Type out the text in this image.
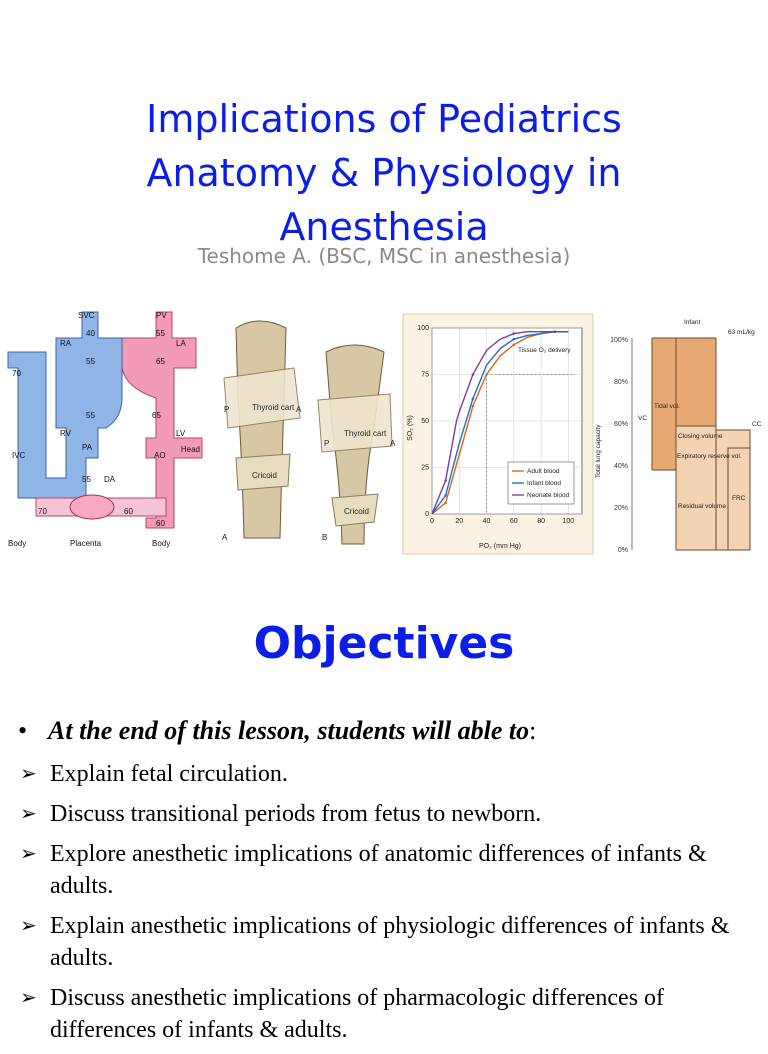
Implications of Pediatrics Anatomy & Physiology in Anesthesia
Teshome A. (BSC, MSC in anesthesia)
SVC	PV
RA	LA
70
40
55
55
65
55	65
RV	LV
IVC
PA
AO
Head
55 DA
70	60
60
Body	Placenta	Body
P	Thyroid cart A
Cricoid
A
P
Thyroid cart
A
Cricoid
B
0
25
50
75
100
0	20	40	60	80	100
PO₂ (mm Hg)
SO₂ (%)
Tissue O₂ delivery
Adult blood
Infant blood
Neonate blood
100%
80%
60%
40%
20%
0%
Infant
63 mL/kg
Total lung capacity
VC
Tidal vol.
Closing volume
Expiratory reserve vol.
Residual volume
FRC
CC
Objectives
• At the end of this lesson, students will able to:
➢ Explain fetal circulation.
➢ Discuss transitional periods from fetus to newborn.
➢ Explore anesthetic implications of anatomic differences of infants & adults.
➢ Explain anesthetic implications of physiologic differences of infants & adults.
➢ Discuss anesthetic implications of pharmacologic differences of differences of infants & adults.
